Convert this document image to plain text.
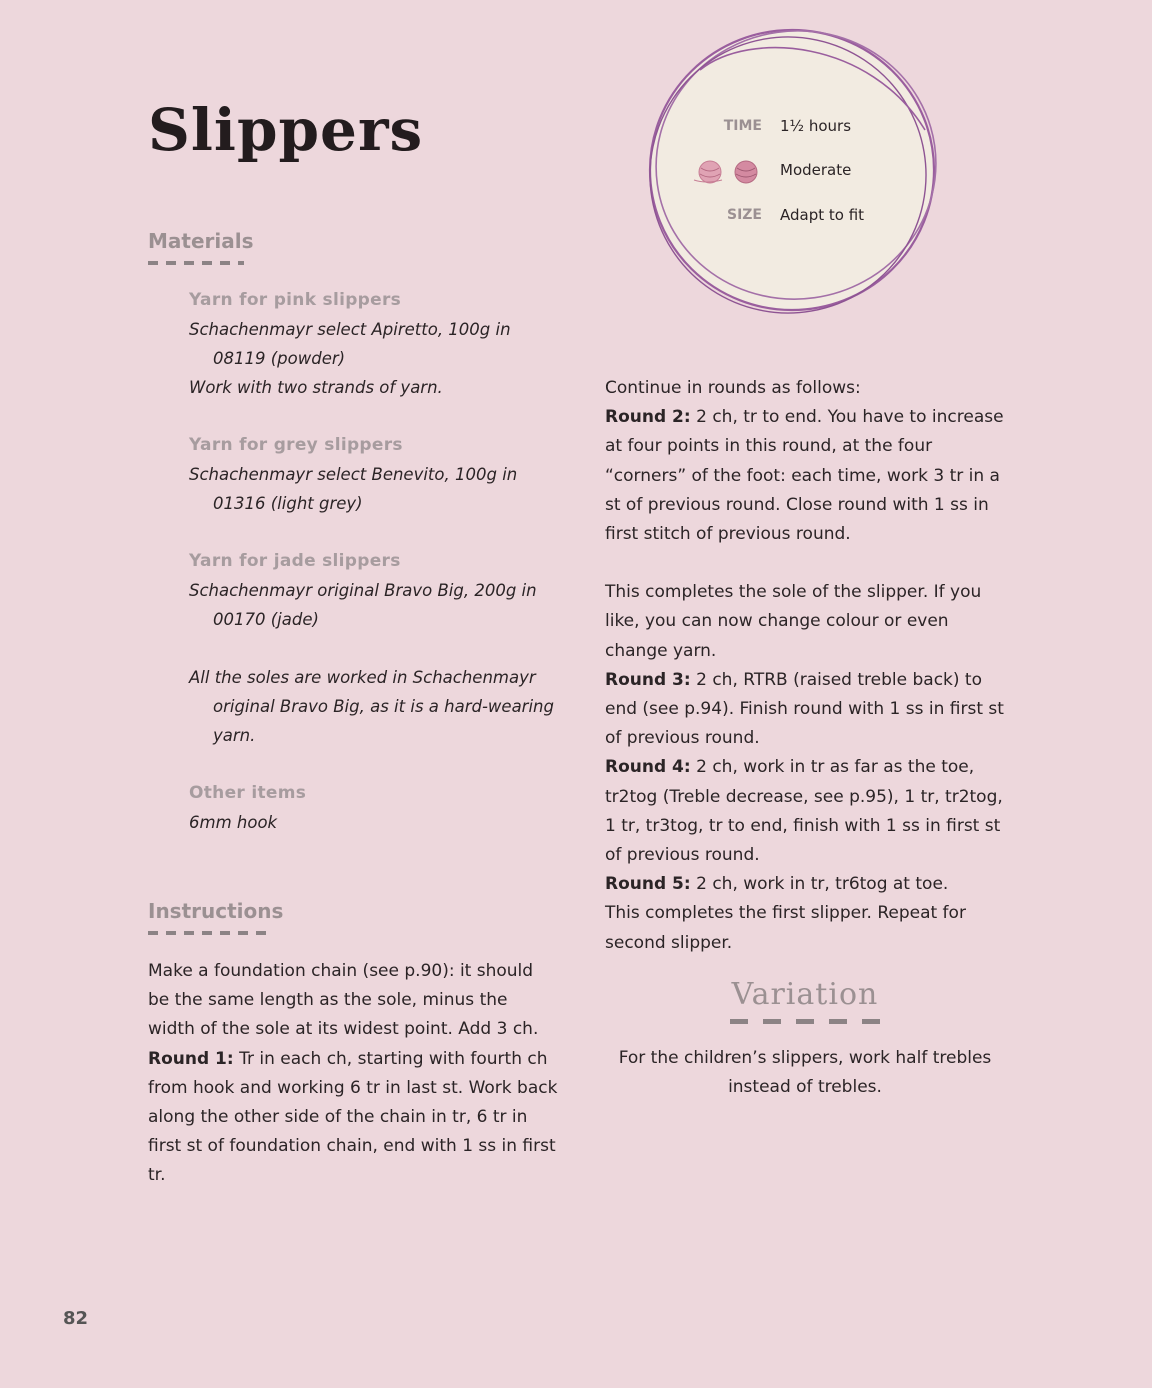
Slippers	TIME 1½ hours
Moderate
SIZE Adapt to fit
Materials
Yarn for pink slippers
Schachenmayr select Apiretto, 100g in 08119 (powder)
Work with two strands of yarn.
Yarn for grey slippers
Schachenmayr select Benevito, 100g in 01316 (light grey)
Yarn for jade slippers
Schachenmayr original Bravo Big, 200g in 00170 (jade)
All the soles are worked in Schachenmayr original Bravo Big, as it is a hard-wearing yarn.
Other items
6mm hook
Instructions
Make a foundation chain (see p.90): it should be the same length as the sole, minus the width of the sole at its widest point. Add 3 ch.
Round 1: Tr in each ch, starting with fourth ch from hook and working 6 tr in last st. Work back along the other side of the chain in tr, 6 tr in first st of foundation chain, end with 1 ss in first tr.
Continue in rounds as follows:
Round 2: 2 ch, tr to end. You have to increase at four points in this round, at the four “corners” of the foot: each time, work 3 tr in a st of previous round. Close round with 1 ss in first stitch of previous round.
This completes the sole of the slipper. If you like, you can now change colour or even change yarn.
Round 3: 2 ch, RTRB (raised treble back) to end (see p.94). Finish round with 1 ss in first st of previous round.
Round 4: 2 ch, work in tr as far as the toe, tr2tog (Treble decrease, see p.95), 1 tr, tr2tog, 1 tr, tr3tog, tr to end, finish with 1 ss in first st of previous round.
Round 5: 2 ch, work in tr, tr6tog at toe.
This completes the first slipper. Repeat for second slipper.
Variation
For the children’s slippers, work half trebles instead of trebles.
82
